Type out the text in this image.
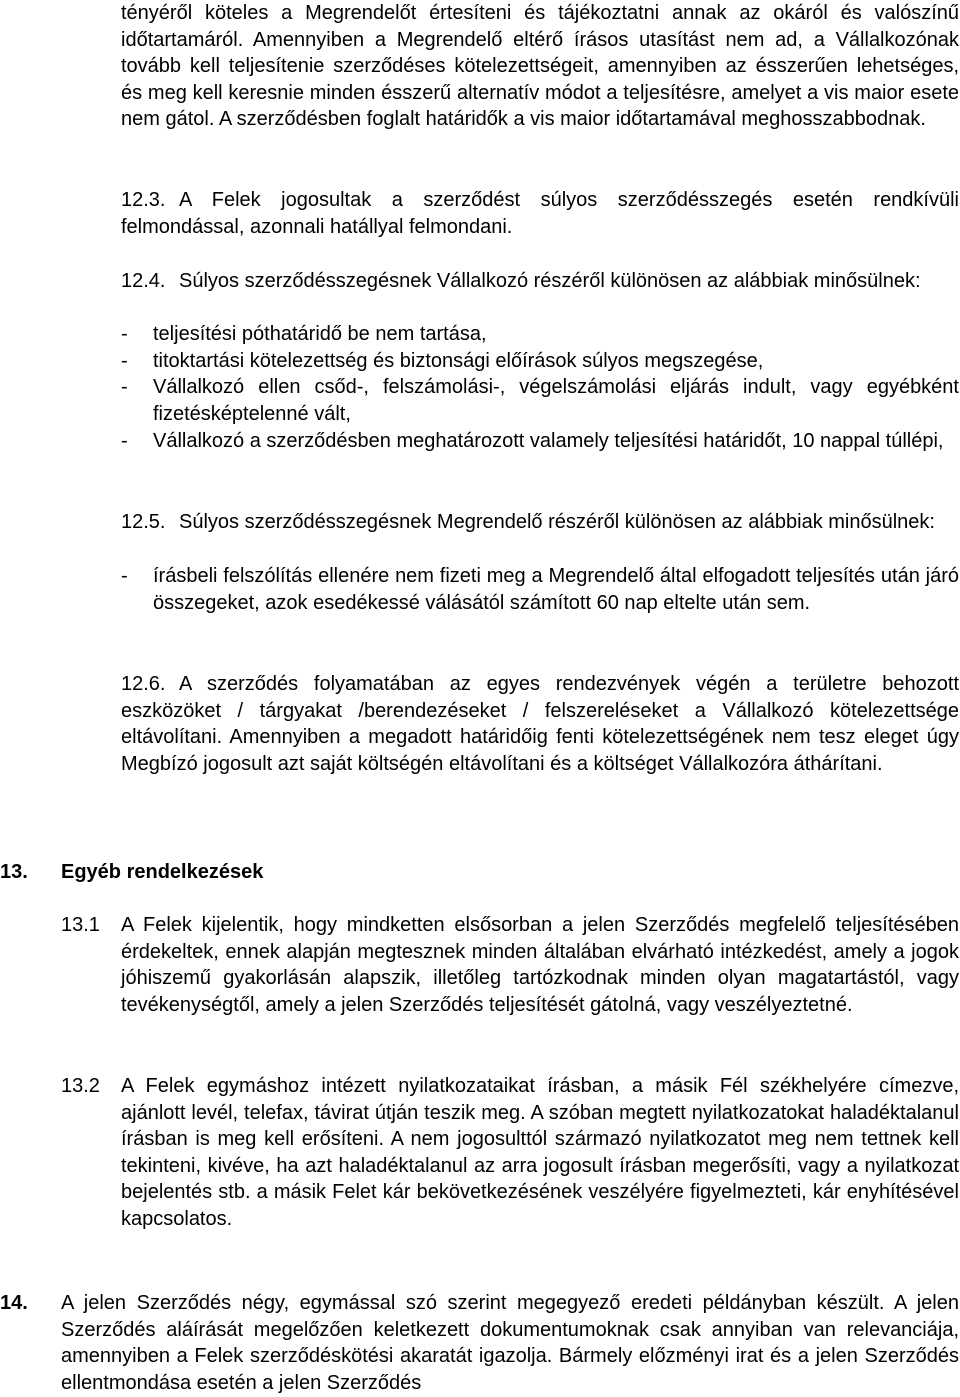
tényéről köteles a Megrendelőt értesíteni és tájékoztatni annak az okáról és valószínű időtartamáról. Amennyiben a Megrendelő eltérő írásos utasítást nem ad, a Vállalkozónak tovább kell teljesítenie szerződéses kötelezettségeit, amennyiben az ésszerűen lehetséges, és meg kell keresnie minden ésszerű alternatív módot a teljesítésre, amelyet a vis maior esete nem gátol. A szerződésben foglalt határidők a vis maior időtartamával meghosszabbodnak.
12.3. A Felek jogosultak a szerződést súlyos szerződésszegés esetén rendkívüli felmondással, azonnali hatállyal felmondani.
12.4. Súlyos szerződésszegésnek Vállalkozó részéről különösen az alábbiak minősülnek:
- teljesítési póthatáridő be nem tartása,
- titoktartási kötelezettség és biztonsági előírások súlyos megszegése,
- Vállalkozó ellen csőd-, felszámolási-, végelszámolási eljárás indult, vagy egyébként fizetésképtelenné vált,
- Vállalkozó a szerződésben meghatározott valamely teljesítési határidőt, 10 nappal túllépi,
12.5. Súlyos szerződésszegésnek Megrendelő részéről különösen az alábbiak minősülnek:
- írásbeli felszólítás ellenére nem fizeti meg a Megrendelő által elfogadott teljesítés után járó összegeket, azok esedékessé válásától számított 60 nap eltelte után sem.
12.6. A szerződés folyamatában az egyes rendezvények végén a területre behozott eszközöket / tárgyakat /berendezéseket / felszereléseket a Vállalkozó kötelezettsége eltávolítani. Amennyiben a megadott határidőig fenti kötelezettségének nem tesz eleget úgy Megbízó jogosult azt saját költségén eltávolítani és a költséget Vállalkozóra áthárítani.
13. Egyéb rendelkezések
13.1 A Felek kijelentik, hogy mindketten elsősorban a jelen Szerződés megfelelő teljesítésében érdekeltek, ennek alapján megtesznek minden általában elvárható intézkedést, amely a jogok jóhiszemű gyakorlásán alapszik, illetőleg tartózkodnak minden olyan magatartástól, vagy tevékenységtől, amely a jelen Szerződés teljesítését gátolná, vagy veszélyeztetné.
13.2 A Felek egymáshoz intézett nyilatkozataikat írásban, a másik Fél székhelyére címezve, ajánlott levél, telefax, távirat útján teszik meg. A szóban megtett nyilatkozatokat haladéktalanul írásban is meg kell erősíteni. A nem jogosulttól származó nyilatkozatot meg nem tettnek kell tekinteni, kivéve, ha azt haladéktalanul az arra jogosult írásban megerősíti, vagy a nyilatkozat bejelentés stb. a másik Felet kár bekövetkezésének veszélyére figyelmezteti, kár enyhítésével kapcsolatos.
14. A jelen Szerződés négy, egymással szó szerint megegyező eredeti példányban készült. A jelen Szerződés aláírását megelőzően keletkezett dokumentumoknak csak annyiban van relevanciája, amennyiben a Felek szerződéskötési akaratát igazolja. Bármely előzményi irat és a jelen Szerződés ellentmondása esetén a jelen Szerződés
